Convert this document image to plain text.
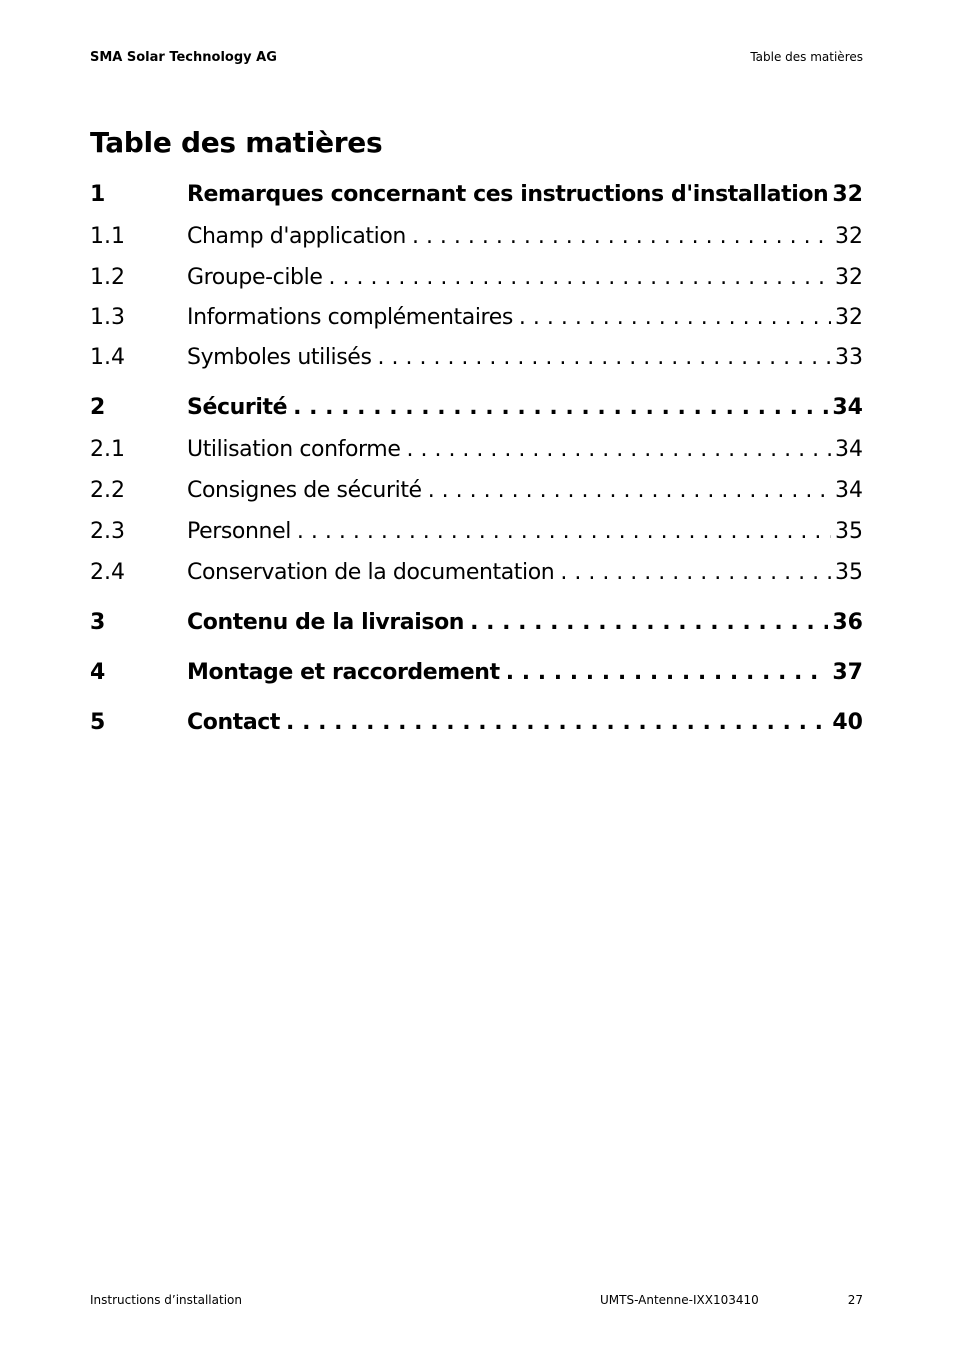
SMA Solar Technology AG	Table des matières
Table des matières
1	Remarques concernant ces instructions d'installation . . . 32
1.1	Champ d'application . . .	32
1.2	Groupe-cible . . .	32
1.3	Informations complémentaires . . .	32
1.4	Symboles utilisés . . .	33
2	Sécurité . . .	34
2.1	Utilisation conforme . . .	34
2.2	Consignes de sécurité . . .	34
2.3	Personnel . . .	35
2.4	Conservation de la documentation . . .	35
3	Contenu de la livraison . . .	36
4	Montage et raccordement . . .	37
5	Contact . . .	40
Instructions d’installation	UMTS-Antenne-IXX103410	27
